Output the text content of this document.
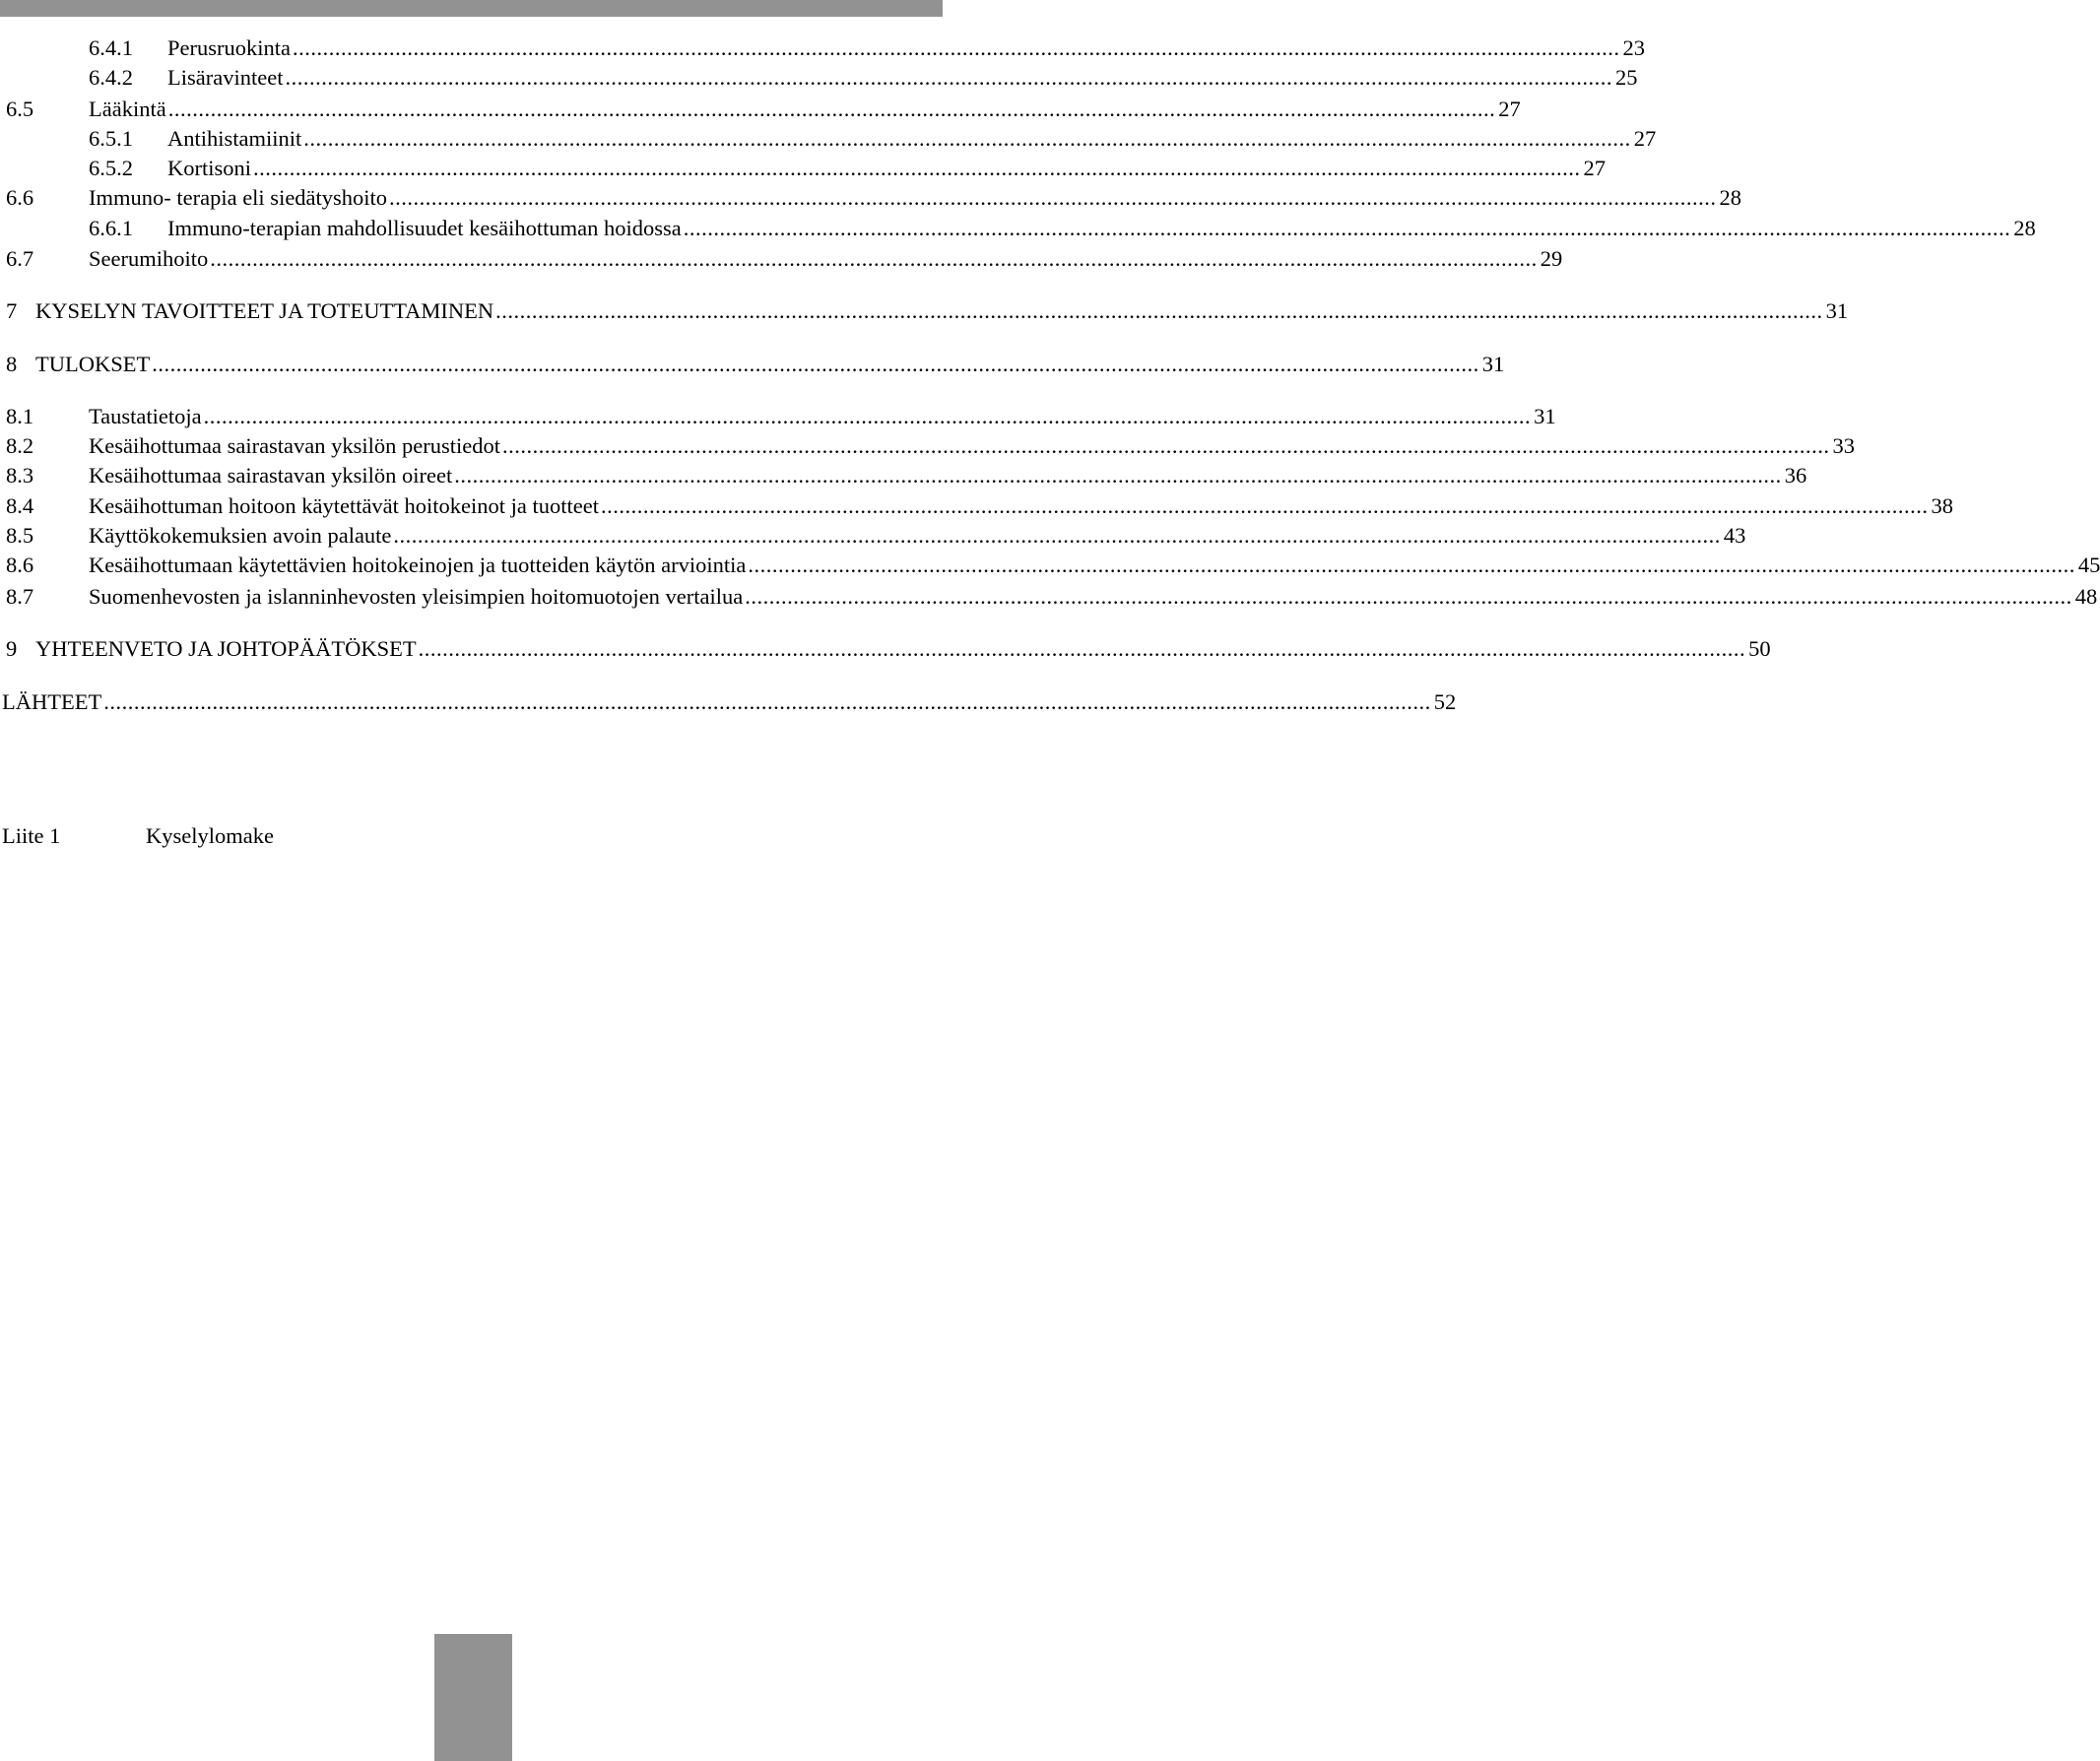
6.4.1 Perusruokinta ............................................................................................................................................................................................................................ 23
6.4.2 Lisäravinteet ............................................................................................................................................................................................................................ 25
6.5 Lääkintä ............................................................................................................................................................................................................................ 27
6.5.1 Antihistamiinit ............................................................................................................................................................................................................................ 27
6.5.2 Kortisoni ............................................................................................................................................................................................................................ 27
6.6 Immuno- terapia eli siedätyshoito ............................................................................................................................................................................................................................ 28
6.6.1 Immuno-terapian mahdollisuudet kesäihottuman hoidossa ............................................................................................................................................................................................................................ 28
6.7 Seerumihoito ............................................................................................................................................................................................................................ 29
7 KYSELYN TAVOITTEET JA TOTEUTTAMINEN ............................................................................................................................................................................................................................ 31
8 TULOKSET ............................................................................................................................................................................................................................ 31
8.1 Taustatietoja ............................................................................................................................................................................................................................ 31
8.2 Kesäihottumaa sairastavan yksilön perustiedot ............................................................................................................................................................................................................................ 33
8.3 Kesäihottumaa sairastavan yksilön oireet ............................................................................................................................................................................................................................ 36
8.4 Kesäihottuman hoitoon käytettävät hoitokeinot ja tuotteet ............................................................................................................................................................................................................................ 38
8.5 Käyttökokemuksien avoin palaute ............................................................................................................................................................................................................................ 43
8.6 Kesäihottumaan käytettävien hoitokeinojen ja tuotteiden käytön arviointia ............................................................................................................................................................................................................................ 45
8.7 Suomenhevosten ja islanninhevosten yleisimpien hoitomuotojen vertailua ............................................................................................................................................................................................................................ 48
9 YHTEENVETO JA JOHTOPÄÄTÖKSET ............................................................................................................................................................................................................................ 50
LÄHTEET ............................................................................................................................................................................................................................ 52
Liite 1	Kyselylomake
